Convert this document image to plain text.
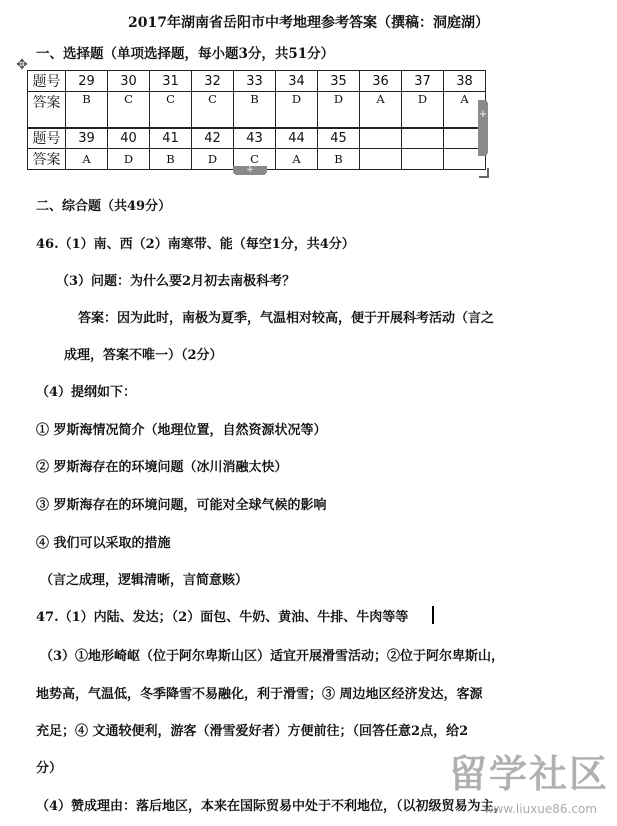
2017年湖南省岳阳市中考地理参考答案（撰稿：洞庭湖）
✥
一、选择题（单项选择题，每小题3分，共51分）
题号	29	30	31	32	33	34	35	36	37	38
答案	B	C	C	C	B	D	D	A	D	A
题号	39	40	41	42	43	44	45			
答案	A	D	B	D	C	A	B			
+
+
二、综合题（共49分）
46.（1）南、西（2）南寒带、能（每空1分，共4分）
（3）问题：为什么要2月初去南极科考？
答案：因为此时，南极为夏季，气温相对较高，便于开展科考活动（言之
成理，答案不唯一）（2分）
（4）提纲如下：
① 罗斯海情况简介（地理位置，自然资源状况等）
② 罗斯海存在的环境问题（冰川消融太快）
③ 罗斯海存在的环境问题，可能对全球气候的影响
④ 我们可以采取的措施
（言之成理，逻辑清晰，言简意赅）
47.（1）内陆、发达；（2）面包、牛奶、黄油、牛排、牛肉等等
（3）①地形崎岖（位于阿尔卑斯山区）适宜开展滑雪活动；②位于阿尔卑斯山，
地势高，气温低，冬季降雪不易融化，利于滑雪；③ 周边地区经济发达，客源
充足；④ 文通较便利，游客（滑雪爱好者）方便前往；（回答任意2点，给2
分）
（4）赞成理由：落后地区，本来在国际贸易中处于不利地位，（以初级贸易为主，
留学社区
www.liuxue86.com
